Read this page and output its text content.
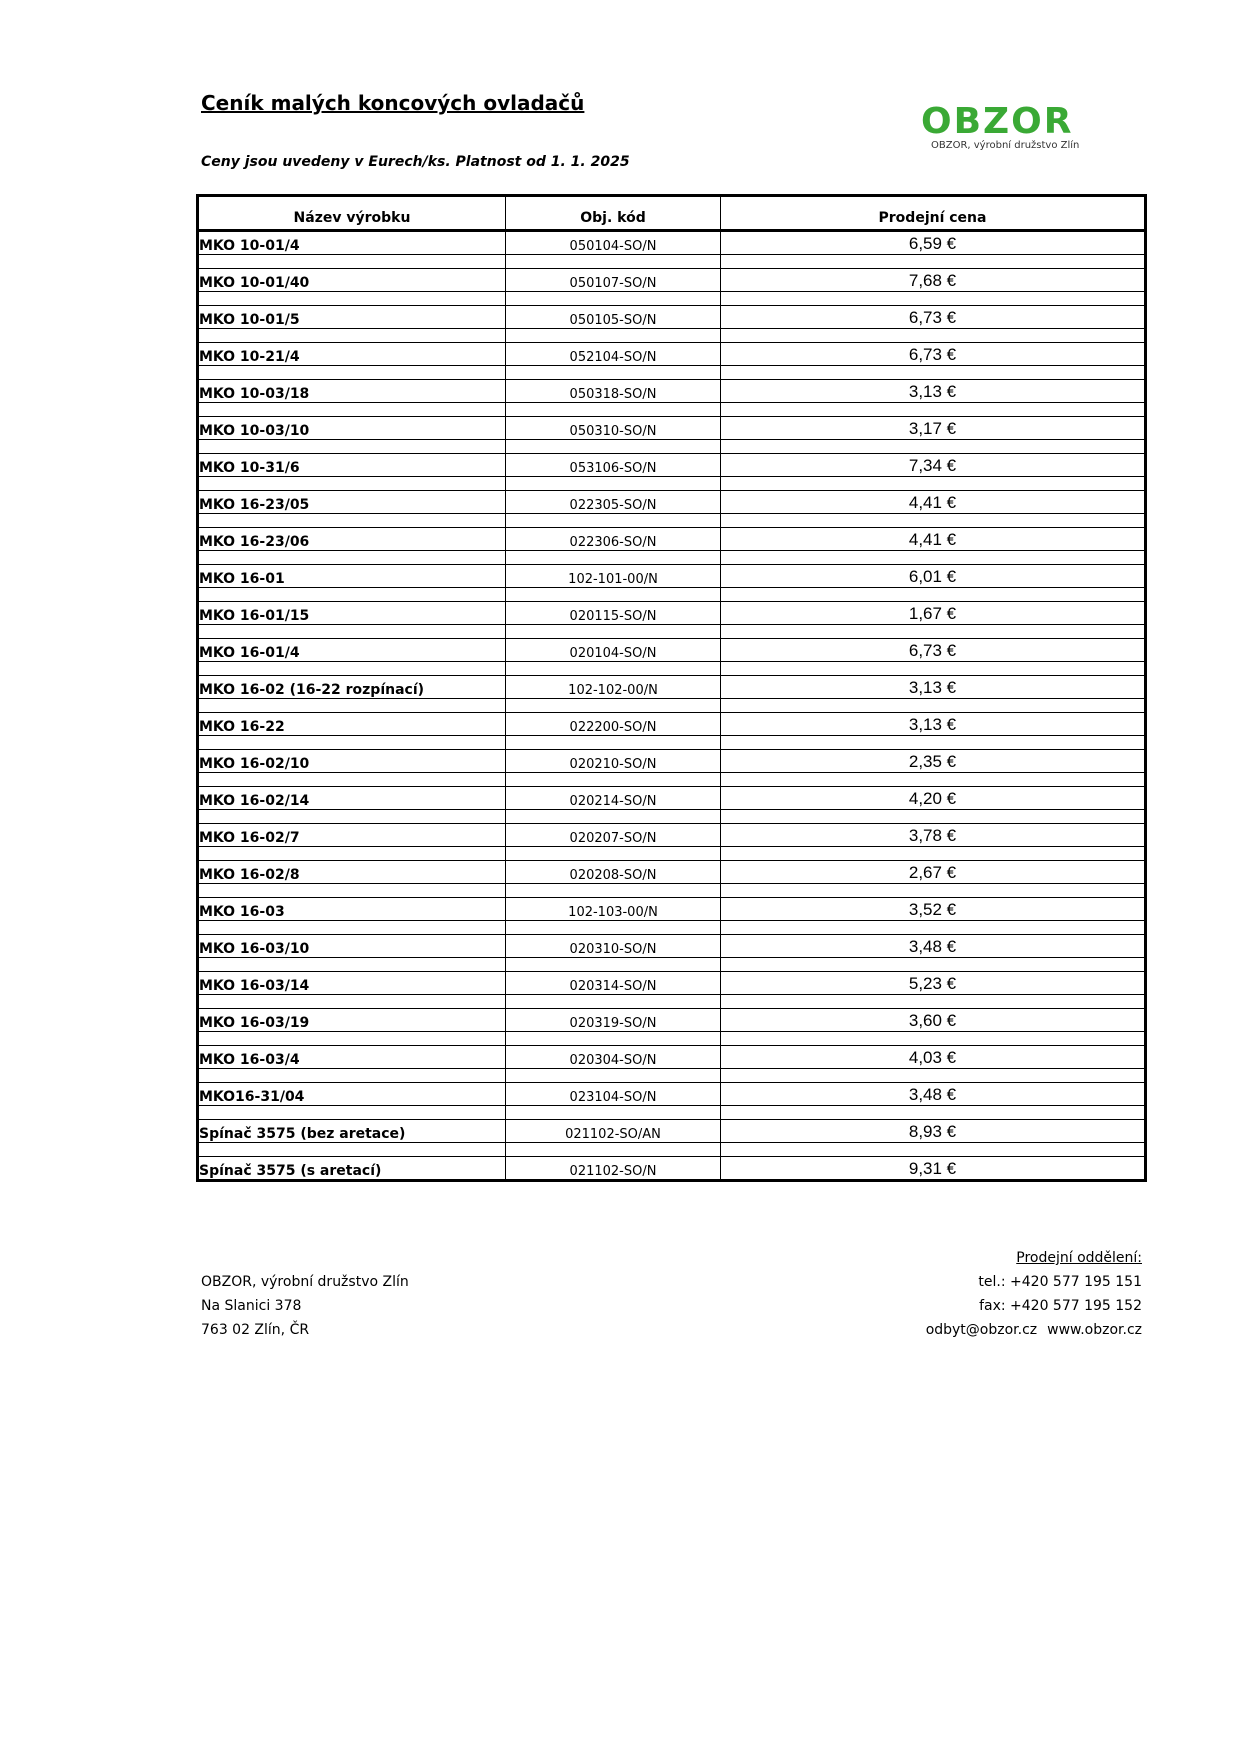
Ceník malých koncových ovladačů
Ceny jsou uvedeny v Eurech/ks. Platnost od 1. 1. 2025
OBZOR
OBZOR, výrobní družstvo Zlín
Název výrobku	Obj. kód	Prodejní cena
MKO 10-01/4	050104-SO/N	6,59 €

MKO 10-01/40	050107-SO/N	7,68 €

MKO 10-01/5	050105-SO/N	6,73 €

MKO 10-21/4	052104-SO/N	6,73 €

MKO 10-03/18	050318-SO/N	3,13 €

MKO 10-03/10	050310-SO/N	3,17 €

MKO 10-31/6	053106-SO/N	7,34 €

MKO 16-23/05	022305-SO/N	4,41 €

MKO 16-23/06	022306-SO/N	4,41 €

MKO 16-01	102-101-00/N	6,01 €

MKO 16-01/15	020115-SO/N	1,67 €

MKO 16-01/4	020104-SO/N	6,73 €

MKO 16-02 (16-22 rozpínací)	102-102-00/N	3,13 €

MKO 16-22	022200-SO/N	3,13 €

MKO 16-02/10	020210-SO/N	2,35 €

MKO 16-02/14	020214-SO/N	4,20 €

MKO 16-02/7	020207-SO/N	3,78 €

MKO 16-02/8	020208-SO/N	2,67 €

MKO 16-03	102-103-00/N	3,52 €

MKO 16-03/10	020310-SO/N	3,48 €

MKO 16-03/14	020314-SO/N	5,23 €

MKO 16-03/19	020319-SO/N	3,60 €

MKO 16-03/4	020304-SO/N	4,03 €

MKO16-31/04	023104-SO/N	3,48 €

Spínač 3575 (bez aretace)	021102-SO/AN	8,93 €

Spínač 3575 (s aretací)	021102-SO/N	9,31 €
OBZOR, výrobní družstvo Zlín
Na Slanici 378
763 02 Zlín, ČR
Prodejní oddělení:
tel.: +420 577 195 151
fax: +420 577 195 152
odbyt@obzor.cz www.obzor.cz
